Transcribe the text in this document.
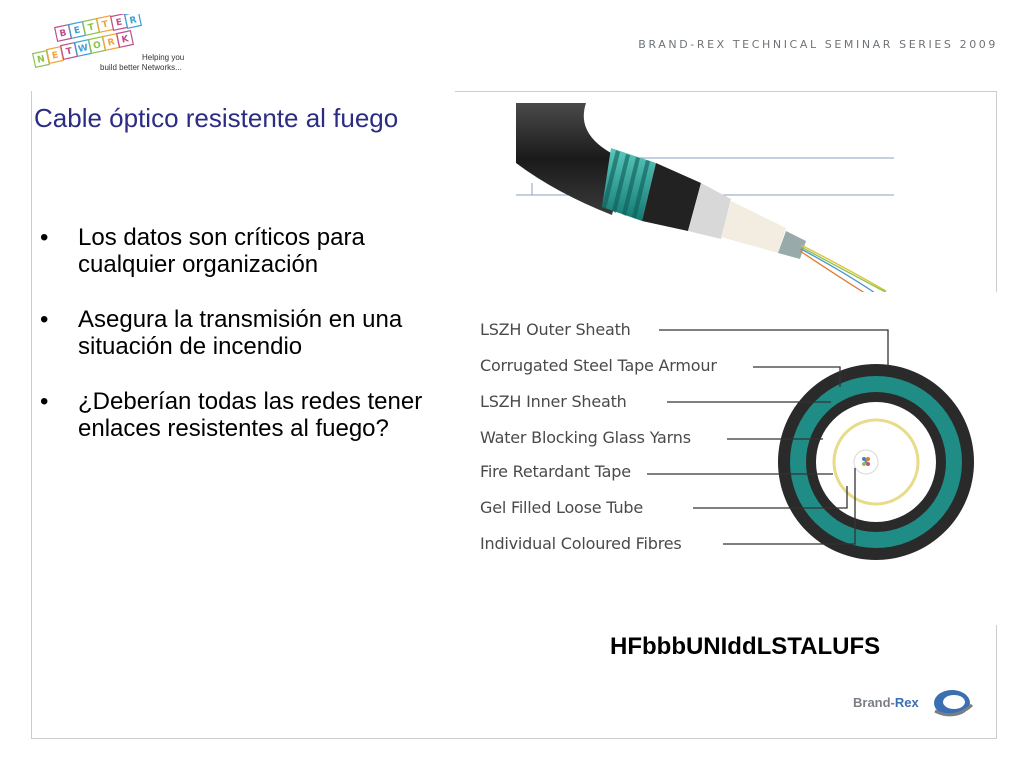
B E T T E R
N E T W O R K
Helping you
build better Networks...
BRAND-REX TECHNICAL SEMINAR SERIES 2009
Cable óptico resistente al fuego
• Los datos son críticos para cualquier organización
• Asegura la transmisión en una situación de incendio
• ¿Deberían todas las redes tener enlaces resistentes al fuego?
LSZH Outer Sheath
Corrugated Steel Tape Armour
LSZH Inner Sheath
Water Blocking Glass Yarns
Fire Retardant Tape
Gel Filled Loose Tube
Individual Coloured Fibres
HFbbbUNIddLSTALUFS
Brand-Rex
